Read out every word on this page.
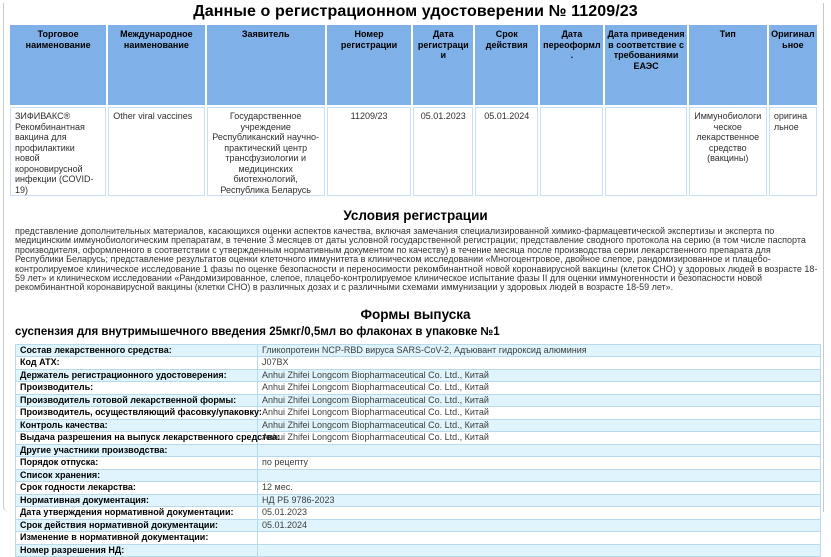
Данные о регистрационном удостоверении № 11209/23
Торговое наименование	Международное наименование	Заявитель	Номер регистрации	Дата регистрации	Срок действия	Дата переоформл.	Дата приведения в соответствие с требованиями ЕАЭС	Тип	Оригинальное
ЗИФИВАКС® Рекомбинантная вакцина для профилактики новой короновирусной инфекции (COVID-19)	Other viral vaccines	Государственное учреждение Республиканский научно-практический центр трансфузиологии и медицинских биотехнологий, Республика Беларусь	11209/23	05.01.2023	05.01.2024			Иммунобиологическое лекарственное средство (вакцины)	оригинальное
Условия регистрации
представление дополнительных материалов, касающихся оценки аспектов качества, включая замечания специализированной химико-фармацевтической экспертизы и эксперта по медицинским иммунобиологическим препаратам, в течение 3 месяцев от даты условной государственной регистрации; представление сводного протокола на серию (в том числе паспорта производителя, оформленного в соответствии с утвержденным нормативным документом по качеству) в течение месяца после производства серии лекарственного препарата для Республики Беларусь; представление результатов оценки клеточного иммунитета в клиническом исследовании «Многоцентровое, двойное слепое, рандомизированное и плацебо-контролируемое клиническое исследование 1 фазы по оценке безопасности и переносимости рекомбинантной новой коронавирусной вакцины (клеток CHO) у здоровых людей в возрасте 18-59 лет» и клиническом исследовании «Рандомизированное, слепое, плацебо-контролируемое клиническое испытание фазы II для оценки иммуногенности и безопасности новой рекомбинантной коронавирусной вакцины (клетки CHO) в различных дозах и с различными схемами иммунизации у здоровых людей в возрасте 18-59 лет».
Формы выпуска
суспензия для внутримышечного введения 25мкг/0,5мл во флаконах в упаковке №1
Состав лекарственного средства:	Гликопротеин NCP-RBD вируса SARS-CoV-2, Адъювант гидроксид алюминия
Код АТХ:	J07BX
Держатель регистрационного удостоверения:	Anhui Zhifei Longcom Biopharmaceutical Co. Ltd., Китай
Производитель:	Anhui Zhifei Longcom Biopharmaceutical Co. Ltd., Китай
Производитель готовой лекарственной формы:	Anhui Zhifei Longcom Biopharmaceutical Co. Ltd., Китай
Производитель, осуществляющий фасовку/упаковку:	Anhui Zhifei Longcom Biopharmaceutical Co. Ltd., Китай
Контроль качества:	Anhui Zhifei Longcom Biopharmaceutical Co. Ltd., Китай
Выдача разрешения на выпуск лекарственного средства:	Anhui Zhifei Longcom Biopharmaceutical Co. Ltd., Китай
Другие участники производства:	
Порядок отпуска:	по рецепту
Список хранения:	
Срок годности лекарства:	12 мес.
Нормативная документация:	НД РБ 9786-2023
Дата утверждения нормативной документации:	05.01.2023
Срок действия нормативной документации:	05.01.2024
Изменение в нормативной документации:	
Номер разрешения НД:	
